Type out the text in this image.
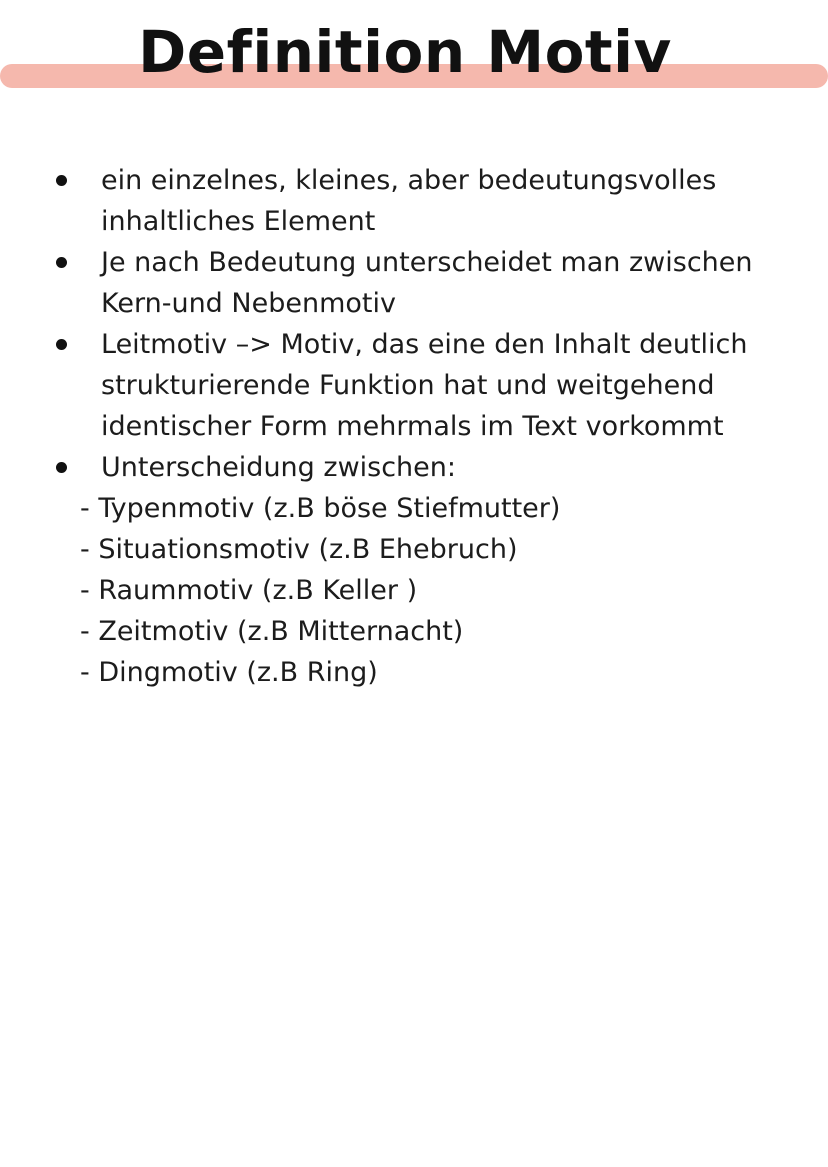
Definition Motiv
ein einzelnes, kleines, aber bedeutungsvolles inhaltliches Element
Je nach Bedeutung unterscheidet man zwischen Kern-und Nebenmotiv
Leitmotiv –> Motiv, das eine den Inhalt deutlich strukturierende Funktion hat und weitgehend identischer Form mehrmals im Text vorkommt
Unterscheidung zwischen:
- Typenmotiv (z.B böse Stiefmutter)
- Situationsmotiv (z.B Ehebruch)
- Raummotiv (z.B Keller )
- Zeitmotiv (z.B Mitternacht)
- Dingmotiv (z.B Ring)
